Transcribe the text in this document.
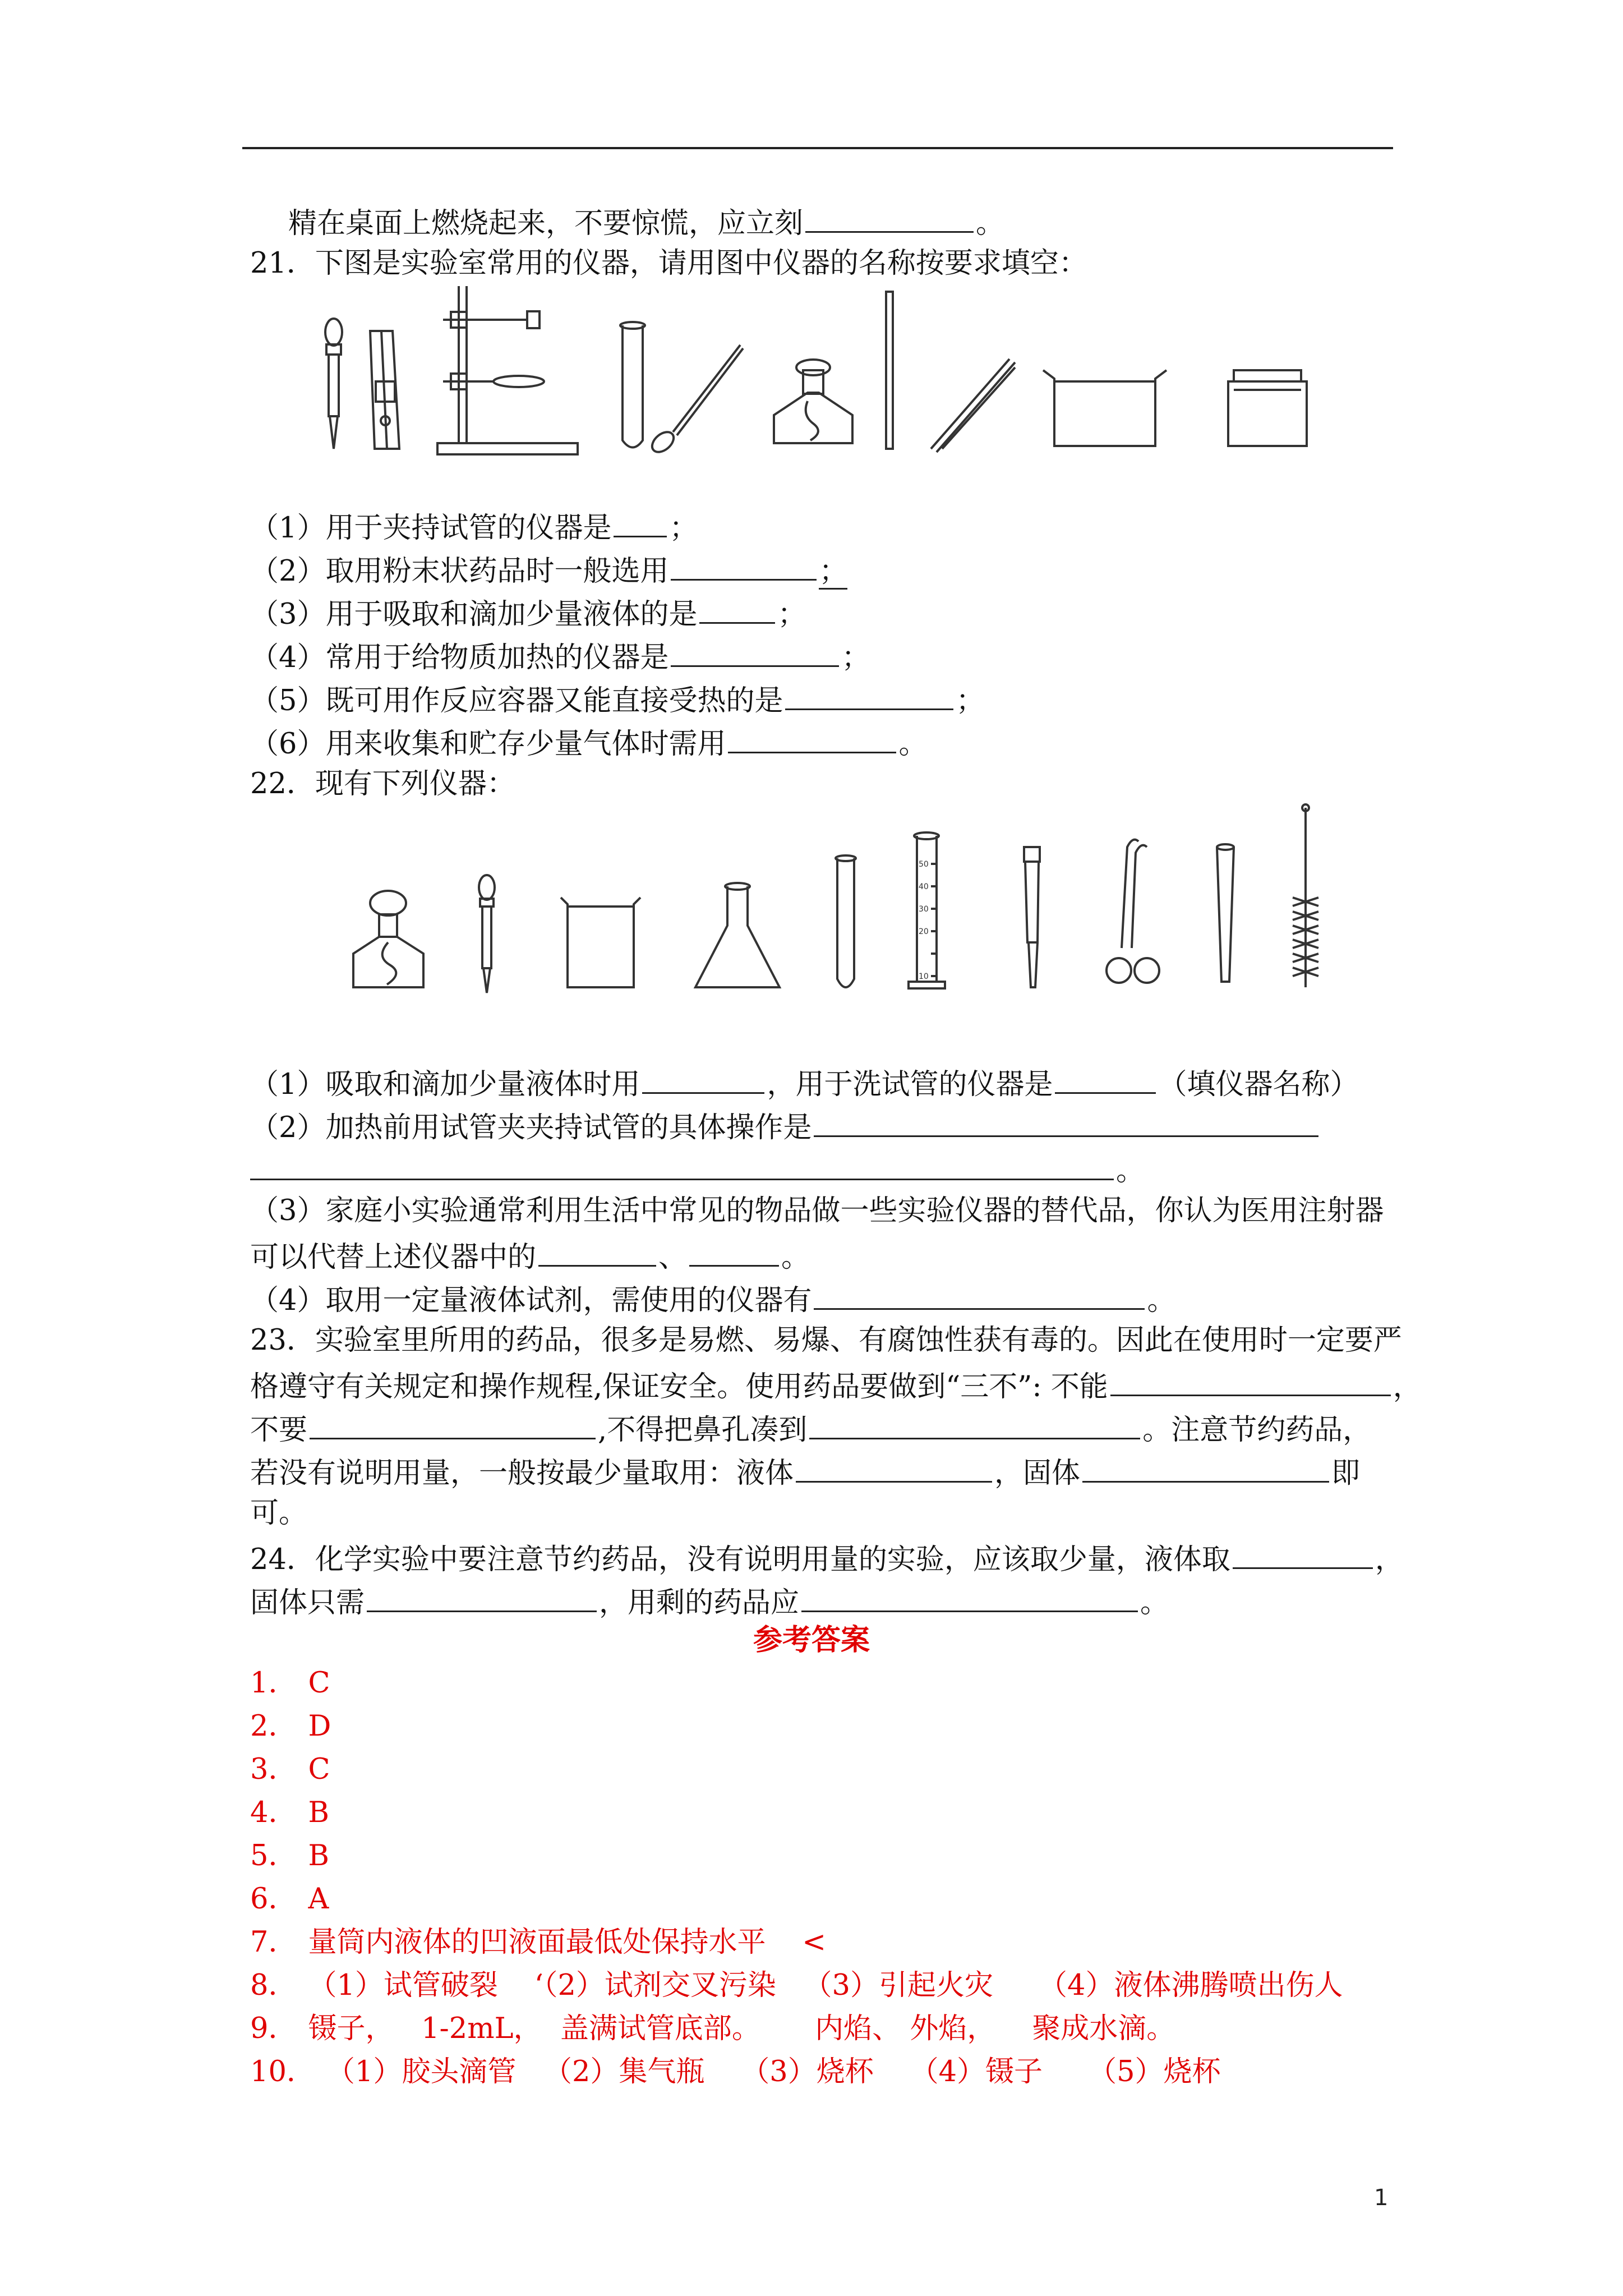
精在桌面上燃烧起来，不要惊慌，应立刻	。
21．下图是实验室常用的仪器，请用图中仪器的名称按要求填空：
（1）用于夹持试管的仪器是 ；
（2）取用粉末状药品时一般选用	；
（3）用于吸取和滴加少量液体的是	；
（4）常用于给物质加热的仪器是	；
（5）既可用作反应容器又能直接受热的是	；
（6）用来收集和贮存少量气体时需用	。
22．现有下列仪器：
50
40
30
20
10
（1）吸取和滴加少量液体时用	，用于洗试管的仪器是	（填仪器名称）
（2）加热前用试管夹夹持试管的具体操作是
。
（3）家庭小实验通常利用生活中常见的物品做一些实验仪器的替代品，你认为医用注射器
可以代替上述仪器中的	、	。
（4）取用一定量液体试剂，需使用的仪器有	。
23．实验室里所用的药品，很多是易燃、易爆、有腐蚀性获有毒的。因此在使用时一定要严
格遵守有关规定和操作规程,保证安全。使用药品要做到“三不”: 不能	，
不要	,不得把鼻孔凑到	。注意节约药品，
若没有说明用量，一般按最少量取用：液体	，固体	即
可。
24．化学实验中要注意节约药品，没有说明用量的实验，应该取少量，液体取	，
固体只需	，用剩的药品应	。
参考答案
1． C
2． D
3． C
4． B
5． B
6． A
7． 量筒内液体的凹液面最低处保持水平    <
8． （1）试管破裂    ‘（2）试剂交叉污染   （3）引起火灾     （4）液体沸腾喷出伤人
9． 镊子，   1-2mL，  盖满试管底部。      内焰、 外焰，    聚成水滴。
10． （1）胶头滴管   （2）集气瓶    （3）烧杯    （4）镊子     （5）烧杯
1
